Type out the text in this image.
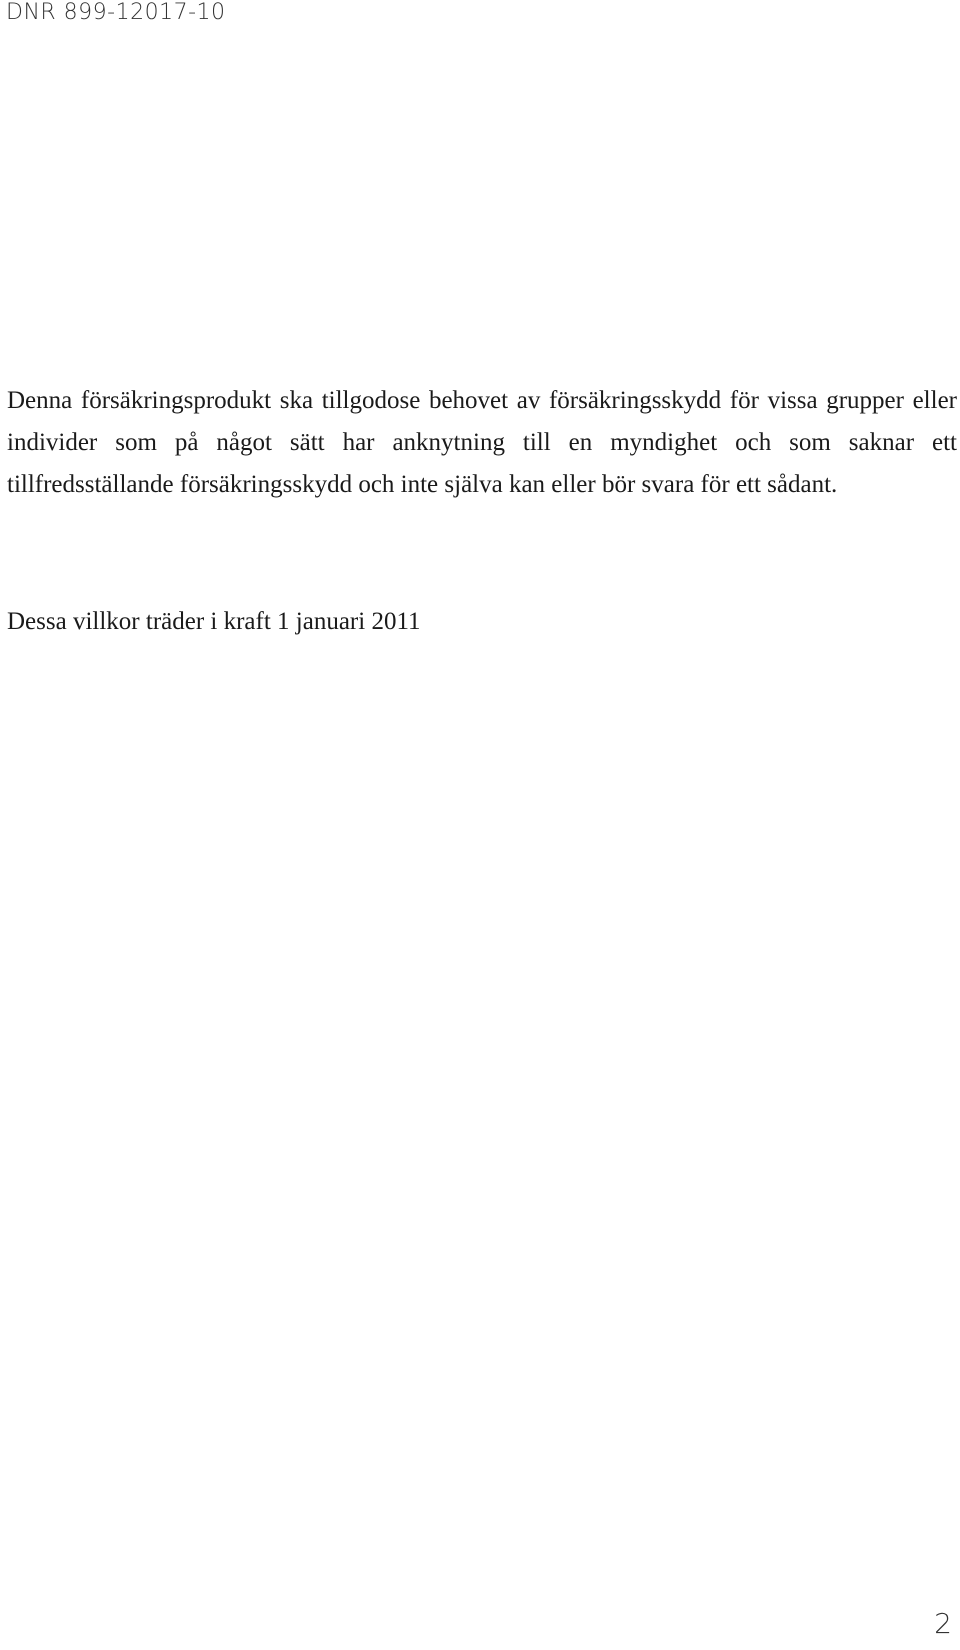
DNR 899-12017-10

Denna försäkringsprodukt ska tillgodose behovet av försäkringsskydd för vissa grupper eller individer som på något sätt har anknytning till en myndighet och som saknar ett tillfredsställande försäkringsskydd och inte själva kan eller bör svara för ett sådant.

Dessa villkor träder i kraft 1 januari 2011

2
